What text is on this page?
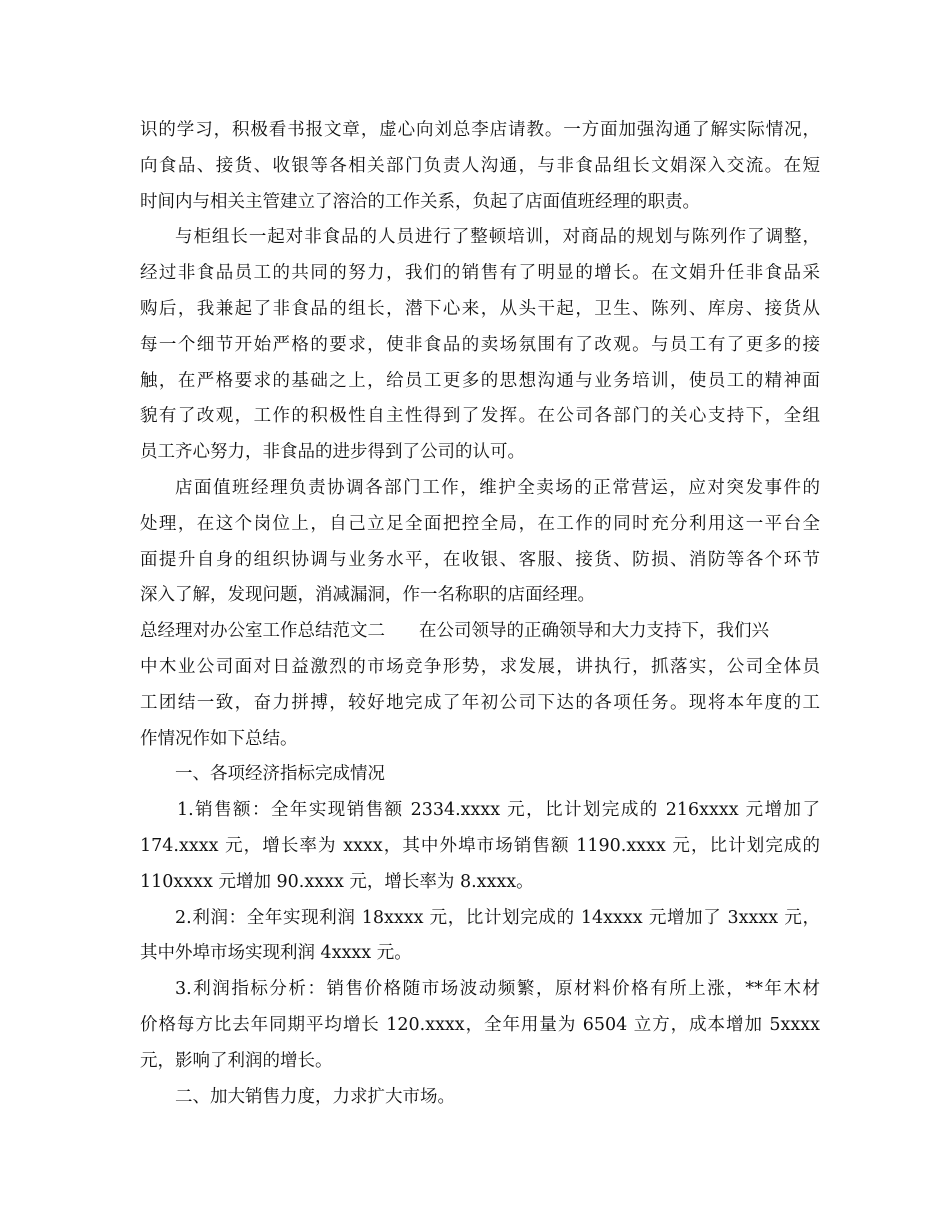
识的学习，积极看书报文章，虚心向刘总李店请教。一方面加强沟通了解实际情况，
向食品、接货、收银等各相关部门负责人沟通，与非食品组长文娟深入交流。在短
时间内与相关主管建立了溶洽的工作关系，负起了店面值班经理的职责。
与柜组长一起对非食品的人员进行了整顿培训，对商品的规划与陈列作了调整，
经过非食品员工的共同的努力，我们的销售有了明显的增长。在文娟升任非食品采
购后，我兼起了非食品的组长，潜下心来，从头干起，卫生、陈列、库房、接货从
每一个细节开始严格的要求，使非食品的卖场氛围有了改观。与员工有了更多的接
触，在严格要求的基础之上，给员工更多的思想沟通与业务培训，使员工的精神面
貌有了改观，工作的积极性自主性得到了发挥。在公司各部门的关心支持下，全组
员工齐心努力，非食品的进步得到了公司的认可。
店面值班经理负责协调各部门工作，维护全卖场的正常营运，应对突发事件的
处理，在这个岗位上，自己立足全面把控全局，在工作的同时充分利用这一平台全
面提升自身的组织协调与业务水平，在收银、客服、接货、防损、消防等各个环节
深入了解，发现问题，消减漏洞，作一名称职的店面经理。
总经理对办公室工作总结范文二 在公司领导的正确领导和大力支持下，我们兴
中木业公司面对日益激烈的市场竞争形势，求发展，讲执行，抓落实，公司全体员
工团结一致，奋力拼搏，较好地完成了年初公司下达的各项任务。现将本年度的工
作情况作如下总结。
一、各项经济指标完成情况
1.销售额：全年实现销售额 2334.xxxx 元，比计划完成的 216xxxx 元增加了
174.xxxx 元，增长率为 xxxx，其中外埠市场销售额 1190.xxxx 元，比计划完成的
110xxxx 元增加 90.xxxx 元，增长率为 8.xxxx。
2.利润：全年实现利润 18xxxx 元，比计划完成的 14xxxx 元增加了 3xxxx 元，
其中外埠市场实现利润 4xxxx 元。
3.利润指标分析：销售价格随市场波动频繁，原材料价格有所上涨，**年木材
价格每方比去年同期平均增长 120.xxxx，全年用量为 6504 立方，成本增加 5xxxx
元，影响了利润的增长。
二、加大销售力度，力求扩大市场。
